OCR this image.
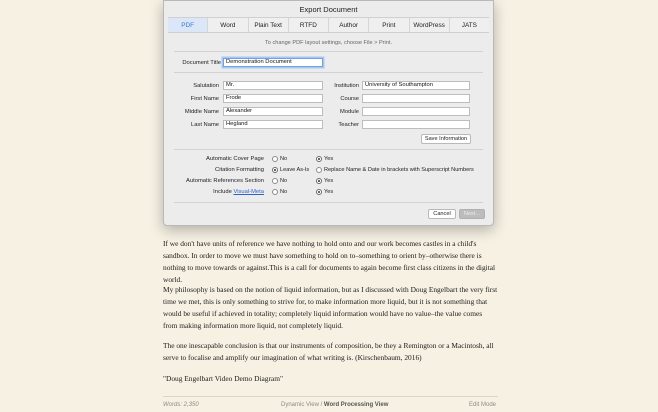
If we don't have units of reference we have nothing to hold onto and our work becomes castles in a child's sandbox. In order to move we must have something to hold on to–something to orient by–otherwise there is nothing to move towards or against.This is a call for documents to again become first class citizens in the digital world.
My philosophy is based on the notion of liquid information, but as I discussed with Doug Engelbart the very first time we met, this is only something to strive for, to make information more liquid, but it is not something that would be useful if achieved in totality; completely liquid information would have no value–the value comes from making information more liquid, not completely liquid.
The one inescapable conclusion is that our instruments of composition, be they a Remington or a Macintosh, all serve to focalise and amplify our imagination of what writing is. (Kirschenbaum, 2016)
"Doug Engelbart Video Demo Diagram"
Words: 2,350	Dynamic View / Word Processing View	Edit Mode
Export Document
PDF	Word	Plain Text	RTFD	Author	Print	WordPress	JATS
To change PDF layout settings, choose File > Print.
Document Title Demonstration Document
Salutation	Mr.
First Name	Frode
Middle Name	Alexander
Last Name	Hegland
Institution	University of Southampton
Course
Module
Teacher
Save Information
Automatic Cover Page	No	Yes
Citation Formatting	Leave As-Is	Replace Name & Date in brackets with Superscript Numbers
Automatic References Section	No	Yes
Include Visual-Meta	No	Yes
Cancel	Next...
